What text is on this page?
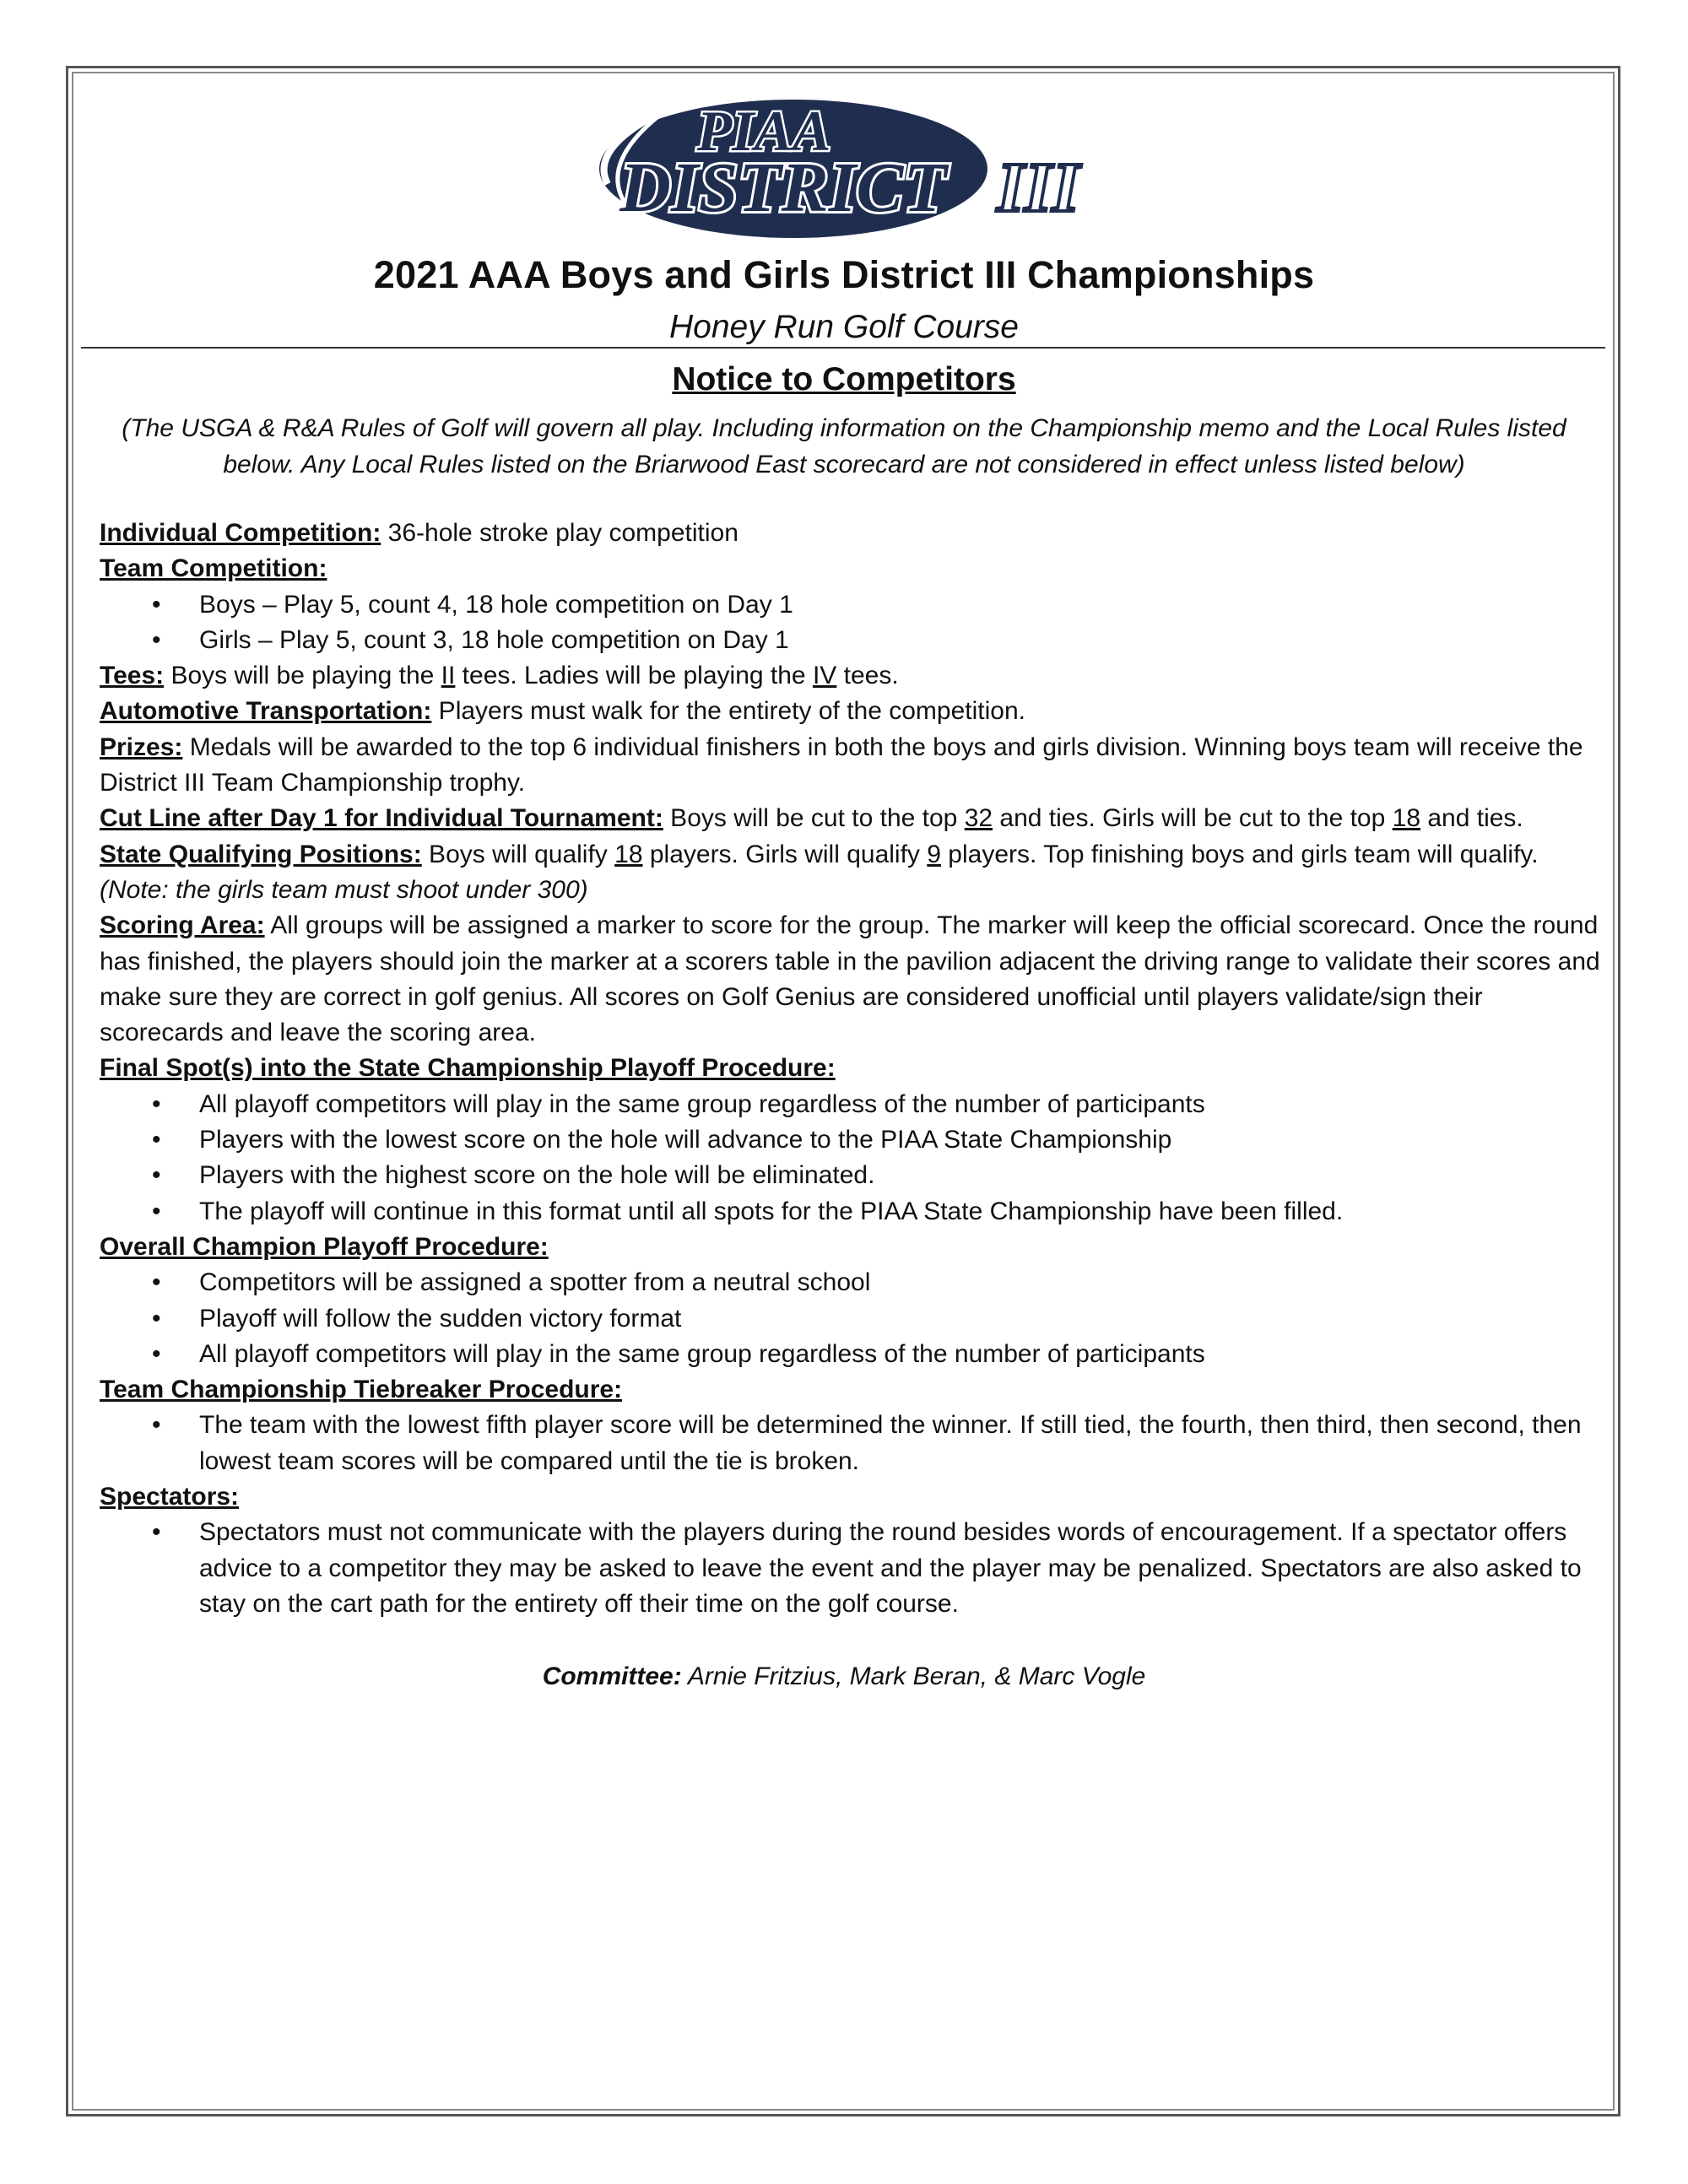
PIAA
DISTRICT III
2021 AAA Boys and Girls District III Championships
Honey Run Golf Course
Notice to Competitors
(The USGA & R&A Rules of Golf will govern all play. Including information on the Championship memo and the Local Rules listed below. Any Local Rules listed on the Briarwood East scorecard are not considered in effect unless listed below)

Individual Competition: 36-hole stroke play competition

Team Competition:

• Boys – Play 5, count 4, 18 hole competition on Day 1
• Girls – Play 5, count 3, 18 hole competition on Day 1

Tees: Boys will be playing the II tees. Ladies will be playing the IV tees.

Automotive Transportation: Players must walk for the entirety of the competition.

Prizes: Medals will be awarded to the top 6 individual finishers in both the boys and girls division. Winning boys team will receive the District III Team Championship trophy.

Cut Line after Day 1 for Individual Tournament: Boys will be cut to the top 32 and ties. Girls will be cut to the top 18 and ties.

State Qualifying Positions: Boys will qualify 18 players. Girls will qualify 9 players. Top finishing boys and girls team will qualify.

(Note: the girls team must shoot under 300)

Scoring Area: All groups will be assigned a marker to score for the group. The marker will keep the official scorecard. Once the round has finished, the players should join the marker at a scorers table in the pavilion adjacent the driving range to validate their scores and make sure they are correct in golf genius. All scores on Golf Genius are considered unofficial until players validate/sign their scorecards and leave the scoring area.

Final Spot(s) into the State Championship Playoff Procedure:

• All playoff competitors will play in the same group regardless of the number of participants
• Players with the lowest score on the hole will advance to the PIAA State Championship
• Players with the highest score on the hole will be eliminated.
• The playoff will continue in this format until all spots for the PIAA State Championship have been filled.

Overall Champion Playoff Procedure:

• Competitors will be assigned a spotter from a neutral school
• Playoff will follow the sudden victory format
• All playoff competitors will play in the same group regardless of the number of participants

Team Championship Tiebreaker Procedure:

• The team with the lowest fifth player score will be determined the winner. If still tied, the fourth, then third, then second, then lowest team scores will be compared until the tie is broken.

Spectators:

• Spectators must not communicate with the players during the round besides words of encouragement. If a spectator offers advice to a competitor they may be asked to leave the event and the player may be penalized. Spectators are also asked to stay on the cart path for the entirety off their time on the golf course.
Committee: Arnie Fritzius, Mark Beran, & Marc Vogle
